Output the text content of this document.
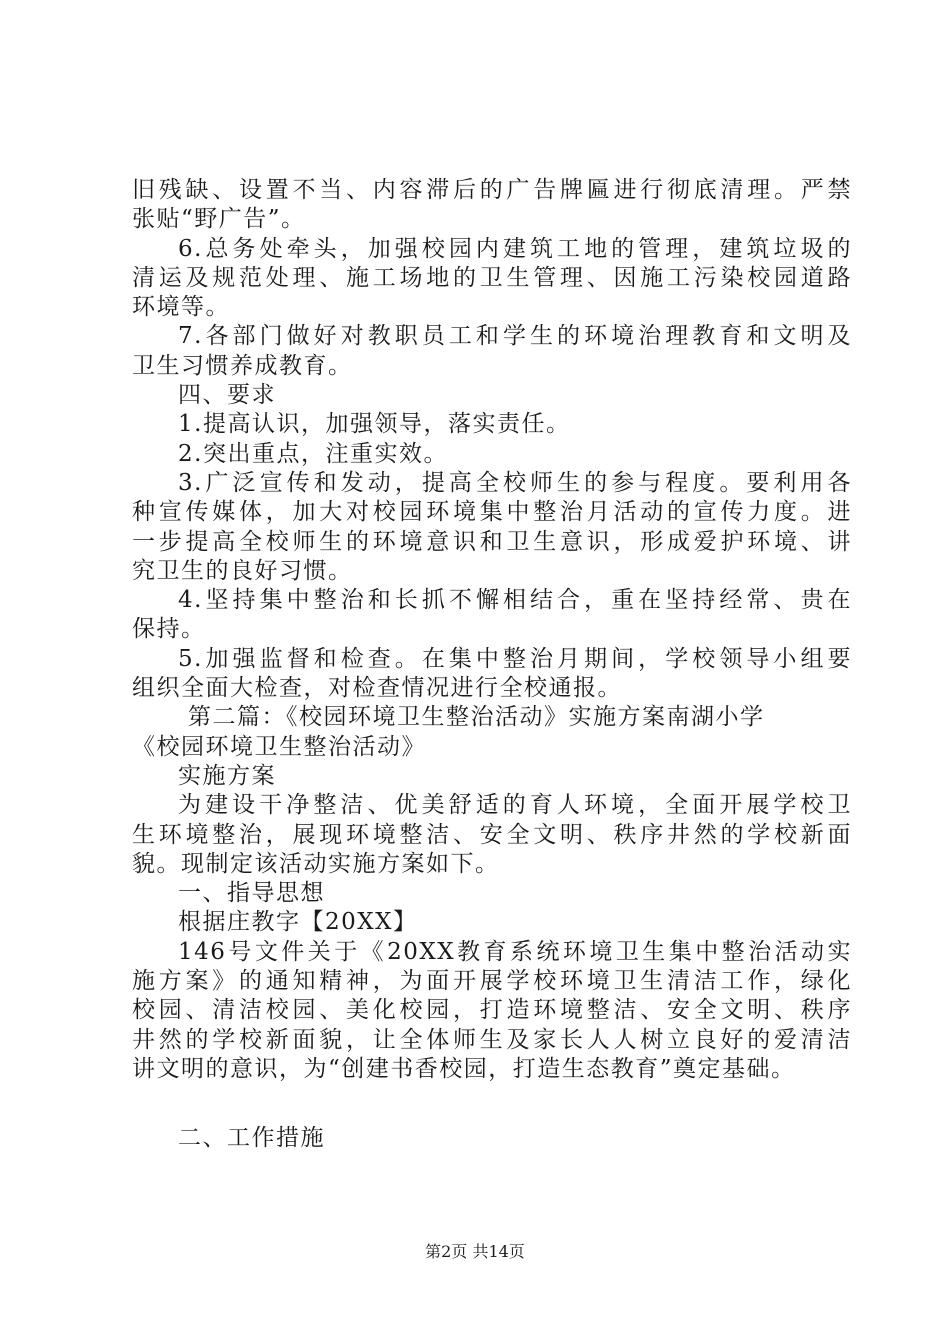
旧残缺、设置不当、内容滞后的广告牌匾进行彻底清理。严禁
张贴“野广告”。
6.总务处牵头，加强校园内建筑工地的管理，建筑垃圾的
清运及规范处理、施工场地的卫生管理、因施工污染校园道路
环境等。
7.各部门做好对教职员工和学生的环境治理教育和文明及
卫生习惯养成教育。
四、要求
1.提高认识，加强领导，落实责任。
2.突出重点，注重实效。
3.广泛宣传和发动，提高全校师生的参与程度。要利用各
种宣传媒体，加大对校园环境集中整治月活动的宣传力度。进
一步提高全校师生的环境意识和卫生意识，形成爱护环境、讲
究卫生的良好习惯。
4.坚持集中整治和长抓不懈相结合，重在坚持经常、贵在
保持。
5.加强监督和检查。在集中整治月期间，学校领导小组要
组织全面大检查，对检查情况进行全校通报。
第二篇：《校园环境卫生整治活动》实施方案南湖小学
《校园环境卫生整治活动》
实施方案
为建设干净整洁、优美舒适的育人环境，全面开展学校卫
生环境整治，展现环境整洁、安全文明、秩序井然的学校新面
貌。现制定该活动实施方案如下。
一、指导思想
根据庄教字【20XX】
146号文件关于《20XX教育系统环境卫生集中整治活动实
施方案》的通知精神，为面开展学校环境卫生清洁工作，绿化
校园、清洁校园、美化校园，打造环境整洁、安全文明、秩序
井然的学校新面貌，让全体师生及家长人人树立良好的爱清洁
讲文明的意识，为“创建书香校园，打造生态教育”奠定基础。
二、工作措施
第2页 共14页
